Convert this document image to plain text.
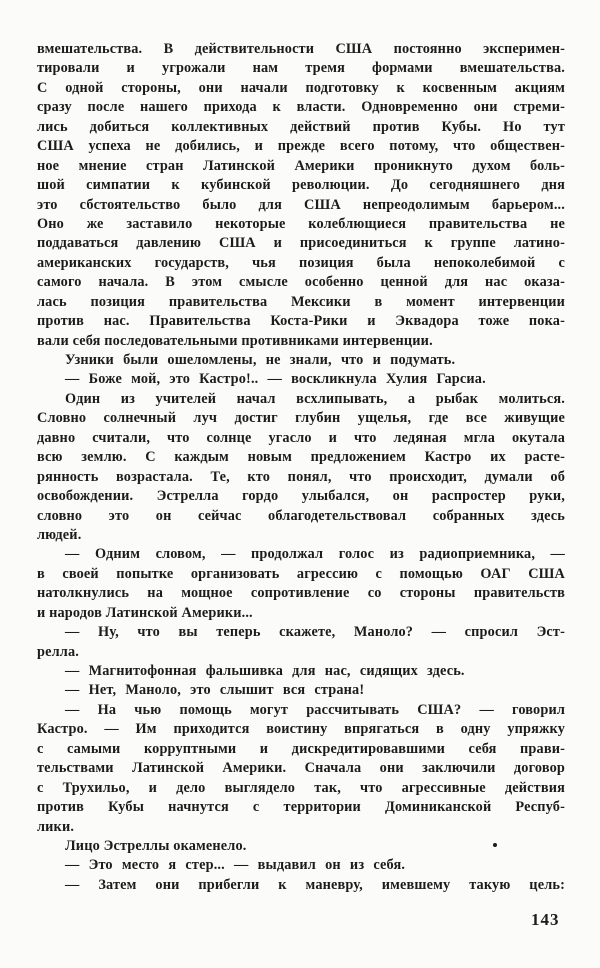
вмешательства. В действительности США постоянно эксперимен-
тировали и угрожали нам тремя формами вмешательства.
С одной стороны, они начали подготовку к косвенным акциям
сразу после нашего прихода к власти. Одновременно они стреми-
лись добиться коллективных действий против Кубы. Но тут
США успеха не добились, и прежде всего потому, что обществен-
ное мнение стран Латинской Америки проникнуто духом боль-
шой симпатии к кубинской революции. До сегодняшнего дня
это сбстоятельство было для США непреодолимым барьером...
Оно же заставило некоторые колеблющиеся правительства не
поддаваться давлению США и присоединиться к группе латино-
американских государств, чья позиция была непоколебимой с
самого начала. В этом смысле особенно ценной для нас оказа-
лась позиция правительства Мексики в момент интервенции
против нас. Правительства Коста-Рики и Эквадора тоже пока-
вали себя последовательными противниками интервенции.
Узники были ошеломлены, не знали, что и подумать.
— Боже мой, это Кастро!.. — воскликнула Хулия Гарсиа.
Один из учителей начал всхлипывать, а рыбак молиться.
Словно солнечный луч достиг глубин ущелья, где все живущие
давно считали, что солнце угасло и что ледяная мгла окутала
всю землю. С каждым новым предложением Кастро их расте-
рянность возрастала. Те, кто понял, что происходит, думали об
освобождении. Эстрелла гордо улыбался, он распростер руки,
словно это он сейчас облагодетельствовал собранных здесь
людей.
— Одним словом, — продолжал голос из радиоприемника, —
в своей попытке организовать агрессию с помощью ОАГ США
натолкнулись на мощное сопротивление со стороны правительств
и народов Латинской Америки...
— Ну, что вы теперь скажете, Маноло? — спросил Эст-
релла.
— Магнитофонная фальшивка для нас, сидящих здесь.
— Нет, Маноло, это слышит вся страна!
— На чью помощь могут рассчитывать США? — говорил
Кастро. — Им приходится воистину впрягаться в одну упряжку
с самыми корруптными и дискредитировавшими себя прави-
тельствами Латинской Америки. Сначала они заключили договор
с Трухильо, и дело выглядело так, что агрессивные действия
против Кубы начнутся с территории Доминиканской Респуб-
лики.
Лицо Эстреллы окаменело.
— Это место я стер... — выдавил он из себя.
— Затем они прибегли к маневру, имевшему такую цель:
143
